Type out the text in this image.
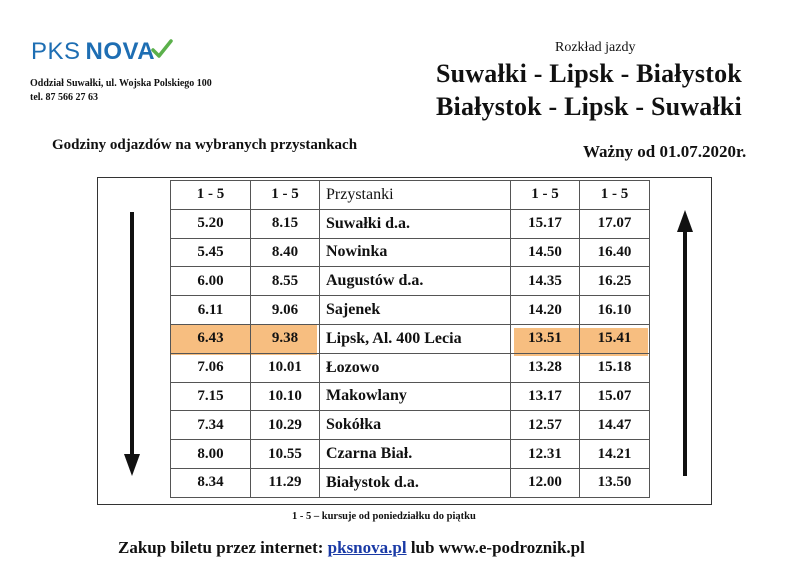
PKS NOVA
Oddział Suwałki, ul. Wojska Polskiego 100
tel. 87 566 27 63
Rozkład jazdy
Suwałki - Lipsk - Białystok
Białystok - Lipsk - Suwałki
Godziny odjazdów na wybranych przystankach	Ważny od 01.07.2020r.
1 - 5	1 - 5	Przystanki	1 - 5	1 - 5
5.20	8.15	Suwałki d.a.	15.17	17.07
5.45	8.40	Nowinka	14.50	16.40
6.00	8.55	Augustów d.a.	14.35	16.25
6.11	9.06	Sajenek	14.20	16.10
6.43	9.38	Lipsk, Al. 400 Lecia	13.51	15.41
7.06	10.01	Łozowo	13.28	15.18
7.15	10.10	Makowlany	13.17	15.07
7.34	10.29	Sokółka	12.57	14.47
8.00	10.55	Czarna Biał.	12.31	14.21
8.34	11.29	Białystok d.a.	12.00	13.50
1 - 5 – kursuje od poniedziałku do piątku
Zakup biletu przez internet: pksnova.pl lub www.e-podroznik.pl
